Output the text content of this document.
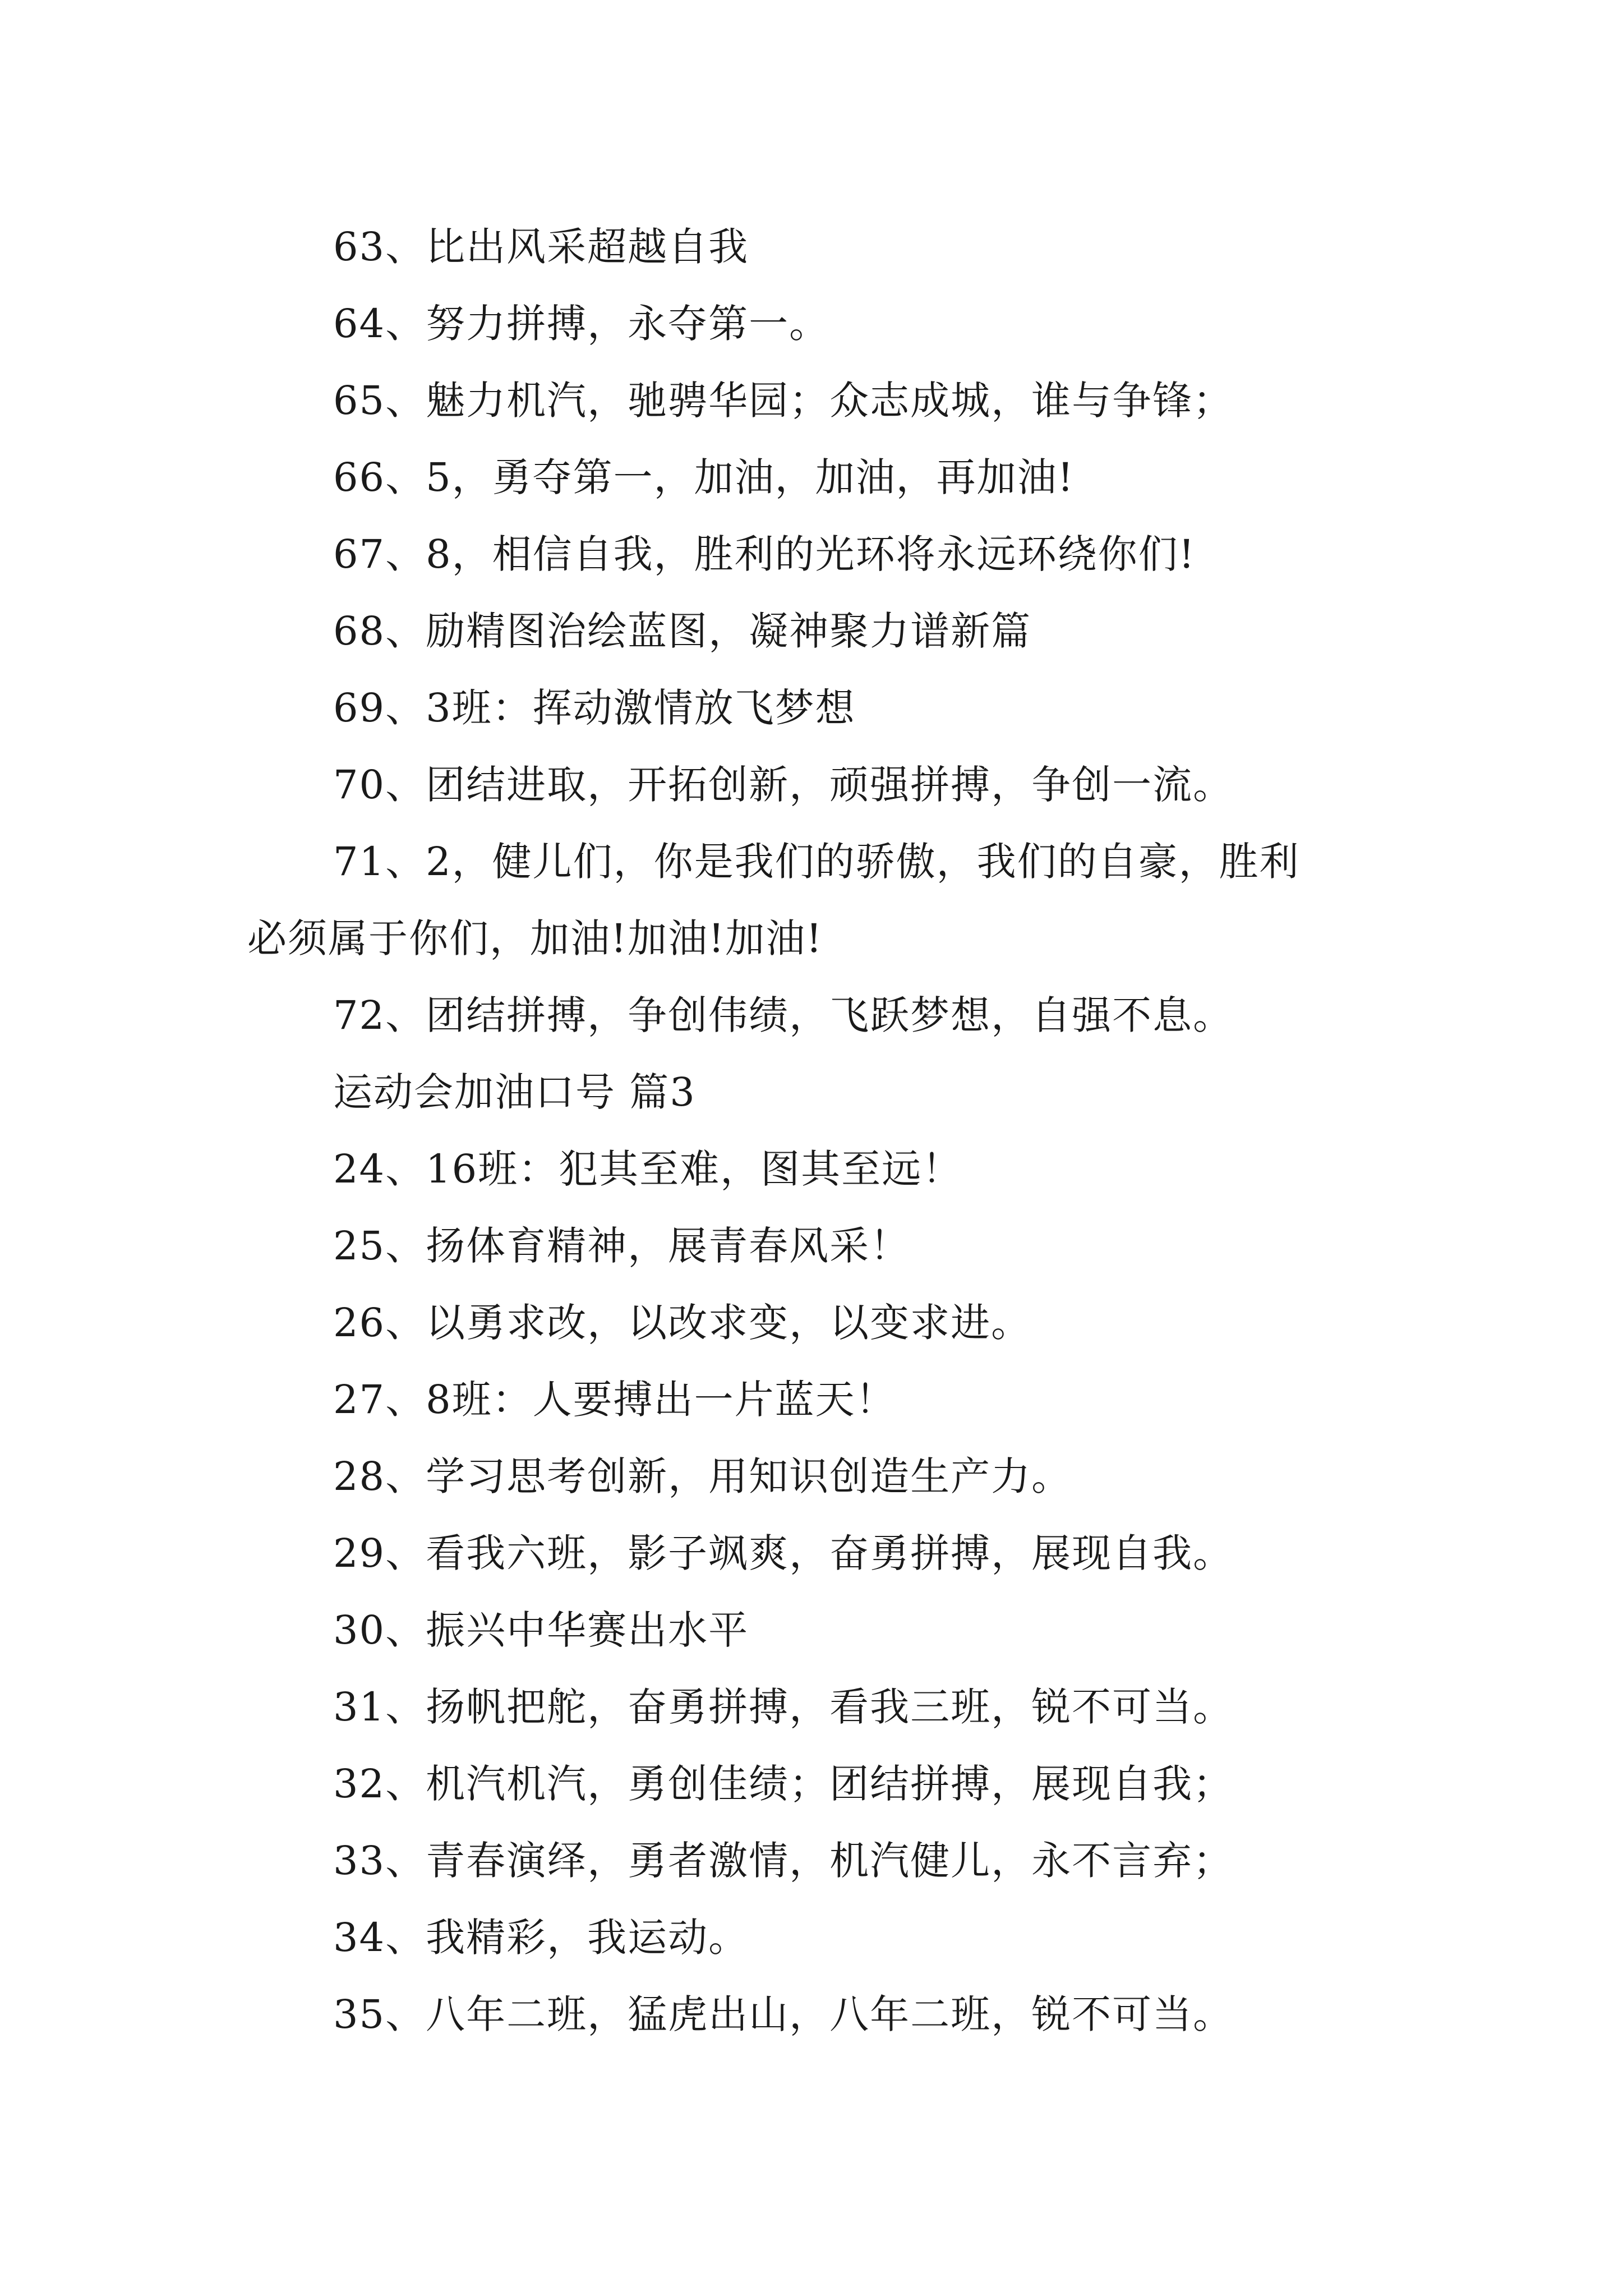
63、比出风采超越自我
64、努力拼搏，永夺第一。
65、魅力机汽，驰骋华园；众志成城，谁与争锋；
66、5，勇夺第一，加油，加油，再加油!
67、8，相信自我，胜利的光环将永远环绕你们!
68、励精图治绘蓝图，凝神聚力谱新篇
69、3班：挥动激情放飞梦想
70、团结进取，开拓创新，顽强拼搏，争创一流。
71、2，健儿们，你是我们的骄傲，我们的自豪，胜利
必须属于你们，加油!加油!加油!
72、团结拼搏，争创伟绩，飞跃梦想，自强不息。
运动会加油口号 篇3
24、16班：犯其至难，图其至远！
25、扬体育精神，展青春风采！
26、以勇求改，以改求变，以变求进。
27、8班：人要搏出一片蓝天！
28、学习思考创新，用知识创造生产力。
29、看我六班，影子飒爽，奋勇拼搏，展现自我。
30、振兴中华赛出水平
31、扬帆把舵，奋勇拼搏，看我三班，锐不可当。
32、机汽机汽，勇创佳绩；团结拼搏，展现自我；
33、青春演绎，勇者激情，机汽健儿，永不言弃；
34、我精彩，我运动。
35、八年二班，猛虎出山，八年二班，锐不可当。
